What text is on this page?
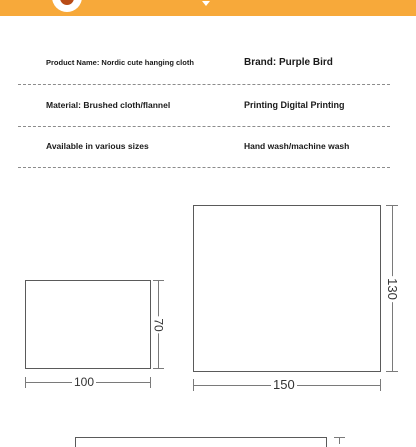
Product Name: Nordic cute hanging cloth	Brand: Purple Bird
Material: Brushed cloth/flannel	Printing Digital Printing
Available in various sizes	Hand wash/machine wash
100
70
150
130
